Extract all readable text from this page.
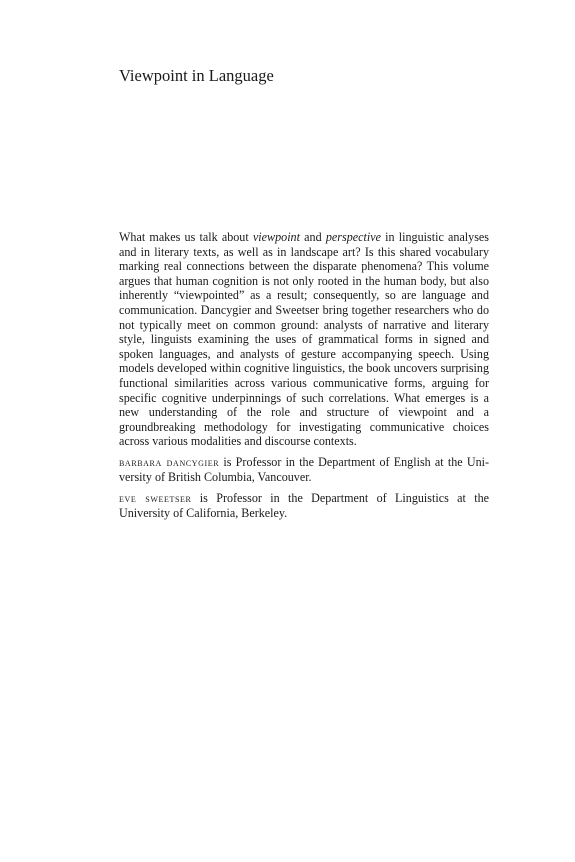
Viewpoint in Language

What makes us talk about viewpoint and perspective in linguistic analyses and in literary texts, as well as in landscape art? Is this shared vocabulary marking real connections between the disparate phenomena? This volume argues that human cognition is not only rooted in the human body, but also inherently “viewpointed” as a result; consequently, so are language and communication. Dancygier and Sweetser bring together researchers who do not typically meet on common ground: analysts of narrative and literary style, linguists examining the uses of grammatical forms in signed and spoken languages, and analysts of gesture accompanying speech. Using models developed within cognitive linguistics, the book uncovers surprising functional similarities across various communicative forms, arguing for specific cognitive underpinnings of such correlations. What emerges is a new understanding of the role and structure of viewpoint and a groundbreaking methodology for investigating communicative choices across various modalities and discourse contexts.

barbara dancygier is Professor in the Department of English at the University of British Columbia, Vancouver.

eve sweetser is Professor in the Department of Linguistics at the University of California, Berkeley.
